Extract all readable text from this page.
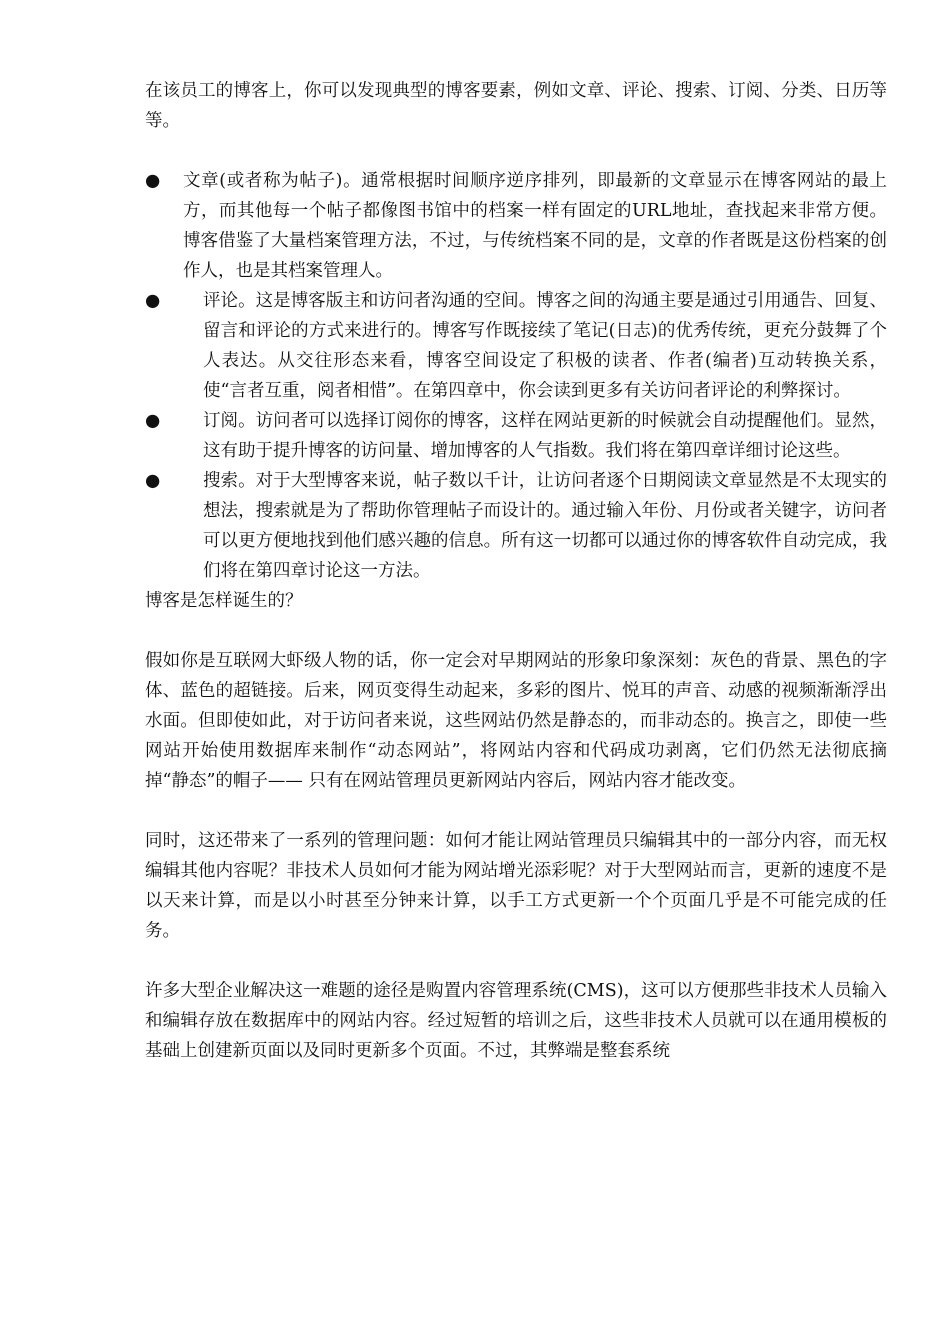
在该员工的博客上，你可以发现典型的博客要素，例如文章、评论、搜索、订阅、分类、日历等等。

●	文章(或者称为帖子)。通常根据时间顺序逆序排列，即最新的文章显示在博客网站的最上方，而其他每一个帖子都像图书馆中的档案一样有固定的URL地址，查找起来非常方便。博客借鉴了大量档案管理方法，不过，与传统档案不同的是，文章的作者既是这份档案的创作人，也是其档案管理人。
●	评论。这是博客版主和访问者沟通的空间。博客之间的沟通主要是通过引用通告、回复、留言和评论的方式来进行的。博客写作既接续了笔记(日志)的优秀传统，更充分鼓舞了个人表达。从交往形态来看，博客空间设定了积极的读者、作者(编者)互动转换关系，使“言者互重，阅者相惜”。在第四章中，你会读到更多有关访问者评论的利弊探讨。
●	订阅。访问者可以选择订阅你的博客，这样在网站更新的时候就会自动提醒他们。显然，这有助于提升博客的访问量、增加博客的人气指数。我们将在第四章详细讨论这些。
●	搜索。对于大型博客来说，帖子数以千计，让访问者逐个日期阅读文章显然是不太现实的想法，搜索就是为了帮助你管理帖子而设计的。通过输入年份、月份或者关键字，访问者可以更方便地找到他们感兴趣的信息。所有这一切都可以通过你的博客软件自动完成，我们将在第四章讨论这一方法。

博客是怎样诞生的？

假如你是互联网大虾级人物的话，你一定会对早期网站的形象印象深刻：灰色的背景、黑色的字体、蓝色的超链接。后来，网页变得生动起来，多彩的图片、悦耳的声音、动感的视频渐渐浮出水面。但即使如此，对于访问者来说，这些网站仍然是静态的，而非动态的。换言之，即使一些网站开始使用数据库来制作“动态网站”，将网站内容和代码成功剥离，它们仍然无法彻底摘掉“静态”的帽子—— 只有在网站管理员更新网站内容后，网站内容才能改变。

同时，这还带来了一系列的管理问题：如何才能让网站管理员只编辑其中的一部分内容，而无权编辑其他内容呢？非技术人员如何才能为网站增光添彩呢？对于大型网站而言，更新的速度不是以天来计算，而是以小时甚至分钟来计算，以手工方式更新一个个页面几乎是不可能完成的任务。

许多大型企业解决这一难题的途径是购置内容管理系统(CMS)，这可以方便那些非技术人员输入和编辑存放在数据库中的网站内容。经过短暂的培训之后，这些非技术人员就可以在通用模板的基础上创建新页面以及同时更新多个页面。不过，其弊端是整套系统
